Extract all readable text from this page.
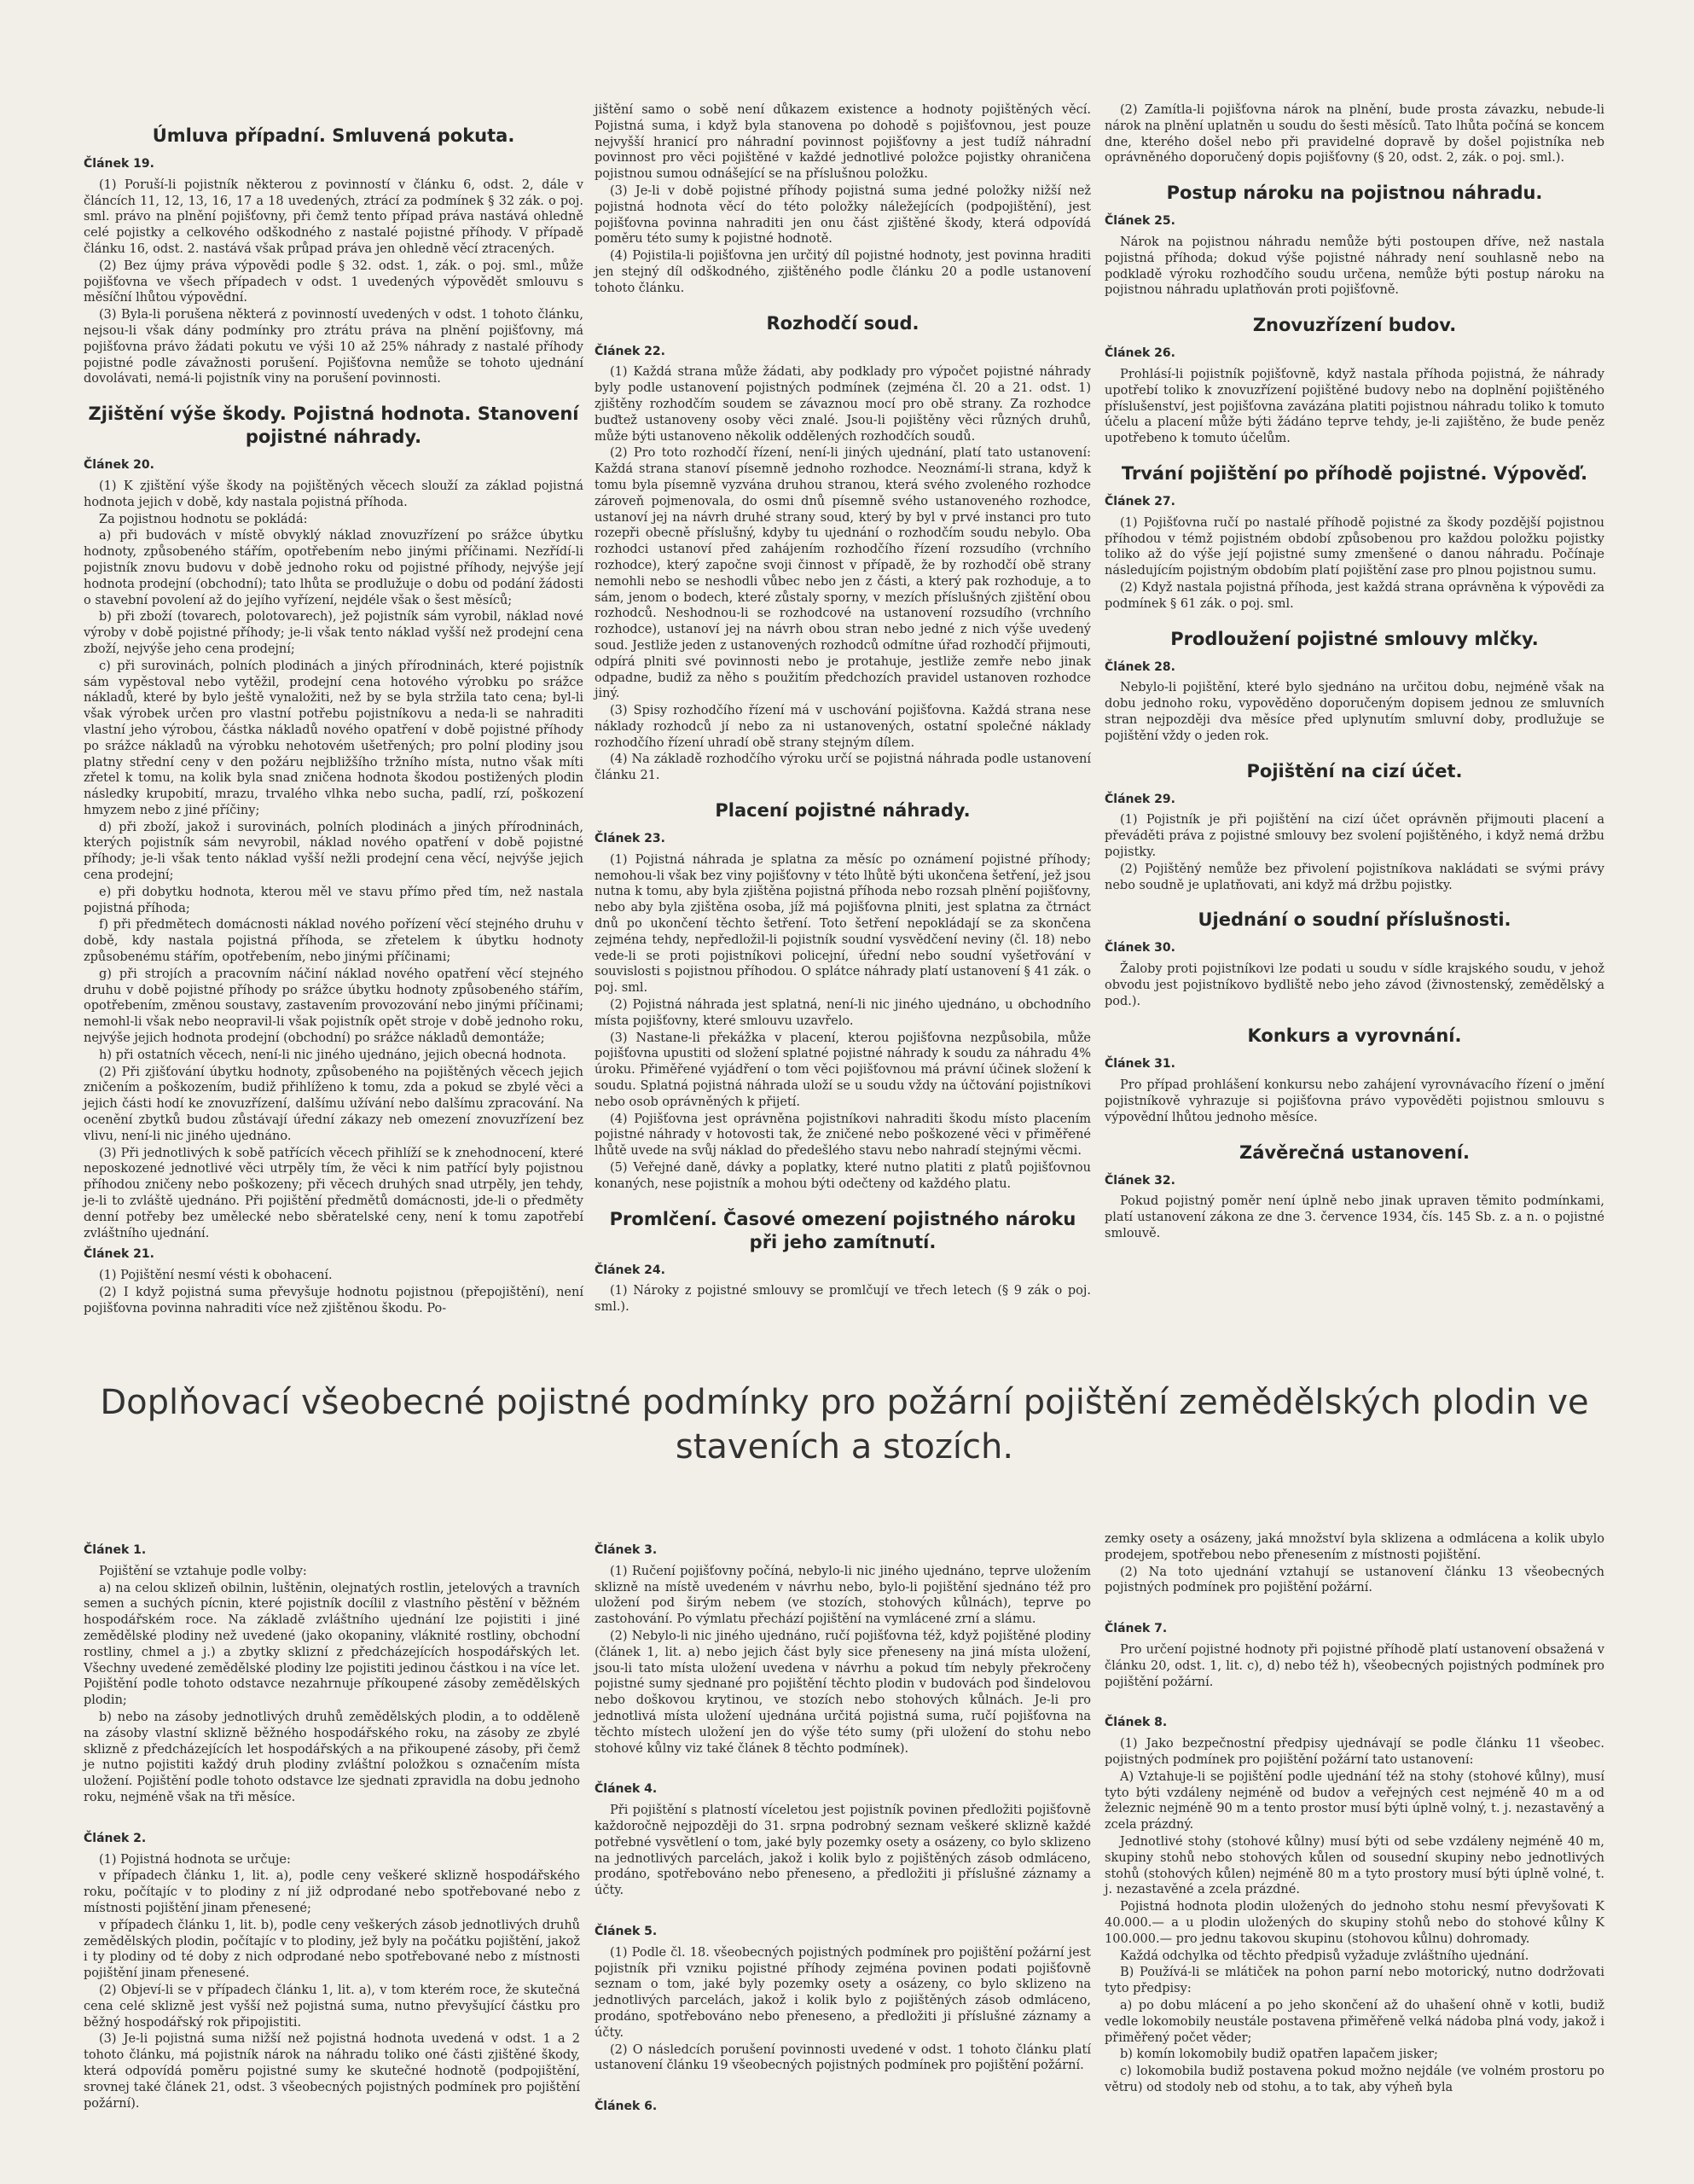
Úmluva případní. Smluvená pokuta.

Článek 19.

(1) Poruší-li pojistník některou z povinností v článku 6, odst. 2, dále v článcích 11, 12, 13, 16, 17 a 18 uvedených, ztrácí za podmínek § 32 zák. o poj. sml. právo na plnění pojišťovny, při čemž tento případ práva nastává ohledně celé pojistky a celkového odškodného z nastalé pojistné příhody. V případě článku 16, odst. 2. nastává však průpad práva jen ohledně věcí ztracených.

(2) Bez újmy práva výpovědi podle § 32. odst. 1, zák. o poj. sml., může pojišťovna ve všech případech v odst. 1 uvedených výpovědět smlouvu s měsíční lhůtou výpovědní.

(3) Byla-li porušena některá z povinností uvedených v odst. 1 tohoto článku, nejsou-li však dány podmínky pro ztrátu práva na plnění pojišťovny, má pojišťovna právo žádati pokutu ve výši 10 až 25% náhrady z nastalé příhody pojistné podle závažnosti porušení. Pojišťovna nemůže se tohoto ujednání dovolávati, nemá-li pojistník viny na porušení povinnosti.

Zjištění výše škody. Pojistná hodnota. Stanovení pojistné náhrady.

Článek 20.

(1) K zjištění výše škody na pojištěných věcech slouží za základ pojistná hodnota jejich v době, kdy nastala pojistná příhoda.

Za pojistnou hodnotu se pokládá:

a) při budovách v místě obvyklý náklad znovuzřízení po srážce úbytku hodnoty, způsobeného stářím, opotřebením nebo jinými příčinami. Nezřídí-li pojistník znovu budovu v době jednoho roku od pojistné příhody, nejvýše její hodnota prodejní (obchodní); tato lhůta se prodlužuje o dobu od podání žádosti o stavební povolení až do jejího vyřízení, nejdéle však o šest měsíců;

b) při zboží (tovarech, polotovarech), jež pojistník sám vyrobil, náklad nové výroby v době pojistné příhody; je-li však tento náklad vyšší než prodejní cena zboží, nejvýše jeho cena prodejní;

c) při surovinách, polních plodinách a jiných přírodninách, které pojistník sám vypěstoval nebo vytěžil, prodejní cena hotového výrobku po srážce nákladů, které by bylo ještě vynaložiti, než by se byla stržila tato cena; byl-li však výrobek určen pro vlastní potřebu pojistníkovu a neda-li se nahraditi vlastní jeho výrobou, částka nákladů nového opatření v době pojistné příhody po srážce nákladů na výrobku nehotovém ušetřených; pro polní plodiny jsou platny střední ceny v den požáru nejbližšího tržního místa, nutno však míti zřetel k tomu, na kolik byla snad zničena hodnota škodou postižených plodin následky krupobití, mrazu, trvalého vlhka nebo sucha, padlí, rzí, poškození hmyzem nebo z jiné příčiny;

d) při zboží, jakož i surovinách, polních plodinách a jiných přírodninách, kterých pojistník sám nevyrobil, náklad nového opatření v době pojistné příhody; je-li však tento náklad vyšší nežli prodejní cena věcí, nejvýše jejich cena prodejní;

e) při dobytku hodnota, kterou měl ve stavu přímo před tím, než nastala pojistná příhoda;

f) při předmětech domácnosti náklad nového pořízení věcí stejného druhu v době, kdy nastala pojistná příhoda, se zřetelem k úbytku hodnoty způsobenému stářím, opotřebením, nebo jinými příčinami;

g) při strojích a pracovním náčiní náklad nového opatření věcí stejného druhu v době pojistné příhody po srážce úbytku hodnoty způsobeného stářím, opotřebením, změnou soustavy, zastavením provozování nebo jinými příčinami; nemohl-li však nebo neopravil-li však pojistník opět stroje v době jednoho roku, nejvýše jejich hodnota prodejní (obchodní) po srážce nákladů demontáže;

h) při ostatních věcech, není-li nic jiného ujednáno, jejich obecná hodnota.

(2) Při zjišťování úbytku hodnoty, způsobeného na pojištěných věcech jejich zničením a poškozením, budiž přihlíženo k tomu, zda a pokud se zbylé věci a jejich části hodí ke znovuzřízení, dalšímu užívání nebo dalšímu zpracování. Na ocenění zbytků budou zůstávají úřední zákazy neb omezení znovuzřízení bez vlivu, není-li nic jiného ujednáno.

(3) Při jednotlivých k sobě patřících věcech přihlíží se k znehodnocení, které neposkozené jednotlivé věci utrpěly tím, že věci k nim patřící byly pojistnou příhodou zničeny nebo poškozeny; při věcech druhých snad utrpěly, jen tehdy, je-li to zvláště ujednáno. Při pojištění předmětů domácnosti, jde-li o předměty denní potřeby bez umělecké nebo sběratelské ceny, není k tomu zapotřebí zvláštního ujednání.

Článek 21.

(1) Pojištění nesmí vésti k obohacení.

(2) I když pojistná suma převyšuje hodnotu pojistnou (přepojištění), není pojišťovna povinna nahraditi více než zjištěnou škodu. Po-

jištění samo o sobě není důkazem existence a hodnoty pojištěných věcí. Pojistná suma, i když byla stanovena po dohodě s pojišťovnou, jest pouze nejvyšší hranicí pro náhradní povinnost pojišťovny a jest tudíž náhradní povinnost pro věci pojištěné v každé jednotlivé položce pojistky ohraničena pojistnou sumou odnášející se na příslušnou položku.

(3) Je-li v době pojistné příhody pojistná suma jedné položky nižší než pojistná hodnota věcí do této položky náležejících (podpojištění), jest pojišťovna povinna nahraditi jen onu část zjištěné škody, která odpovídá poměru této sumy k pojistné hodnotě.

(4) Pojistila-li pojišťovna jen určitý díl pojistné hodnoty, jest povinna hraditi jen stejný díl odškodného, zjištěného podle článku 20 a podle ustanovení tohoto článku.

Rozhodčí soud.

Článek 22.

(1) Každá strana může žádati, aby podklady pro výpočet pojistné náhrady byly podle ustanovení pojistných podmínek (zejména čl. 20 a 21. odst. 1) zjištěny rozhodčím soudem se závaznou mocí pro obě strany. Za rozhodce buďtež ustanoveny osoby věci znalé. Jsou-li pojištěny věci různých druhů, může býti ustanoveno několik oddělených rozhodčích soudů.

(2) Pro toto rozhodčí řízení, není-li jiných ujednání, platí tato ustanovení: Každá strana stanoví písemně jednoho rozhodce. Neoznámí-li strana, když k tomu byla písemně vyzvána druhou stranou, která svého zvoleného rozhodce zároveň pojmenovala, do osmi dnů písemně svého ustanoveného rozhodce, ustanoví jej na návrh druhé strany soud, který by byl v prvé instanci pro tuto rozepři obecně příslušný, kdyby tu ujednání o rozhodčím soudu nebylo. Oba rozhodci ustanoví před zahájením rozhodčího řízení rozsudího (vrchního rozhodce), který započne svoji činnost v případě, že by rozhodčí obě strany nemohli nebo se neshodli vůbec nebo jen z části, a který pak rozhoduje, a to sám, jenom o bodech, které zůstaly sporny, v mezích příslušných zjištění obou rozhodců. Neshodnou-li se rozhodcové na ustanovení rozsudího (vrchního rozhodce), ustanoví jej na návrh obou stran nebo jedné z nich výše uvedený soud. Jestliže jeden z ustanovených rozhodců odmítne úřad rozhodčí přijmouti, odpírá plniti své povinnosti nebo je protahuje, jestliže zemře nebo jinak odpadne, budiž za něho s použitím předchozích pravidel ustanoven rozhodce jiný.

(3) Spisy rozhodčího řízení má v uschování pojišťovna. Každá strana nese náklady rozhodců jí nebo za ni ustanovených, ostatní společné náklady rozhodčího řízení uhradí obě strany stejným dílem.

(4) Na základě rozhodčího výroku určí se pojistná náhrada podle ustanovení článku 21.

Placení pojistné náhrady.

Článek 23.

(1) Pojistná náhrada je splatna za měsíc po oznámení pojistné příhody; nemohou-li však bez viny pojišťovny v této lhůtě býti ukončena šetření, jež jsou nutna k tomu, aby byla zjištěna pojistná příhoda nebo rozsah plnění pojišťovny, nebo aby byla zjištěna osoba, jíž má pojišťovna plniti, jest splatna za čtrnáct dnů po ukončení těchto šetření. Toto šetření nepokládají se za skončena zejména tehdy, nepředložil-li pojistník soudní vysvědčení neviny (čl. 18) nebo vede-li se proti pojistníkovi policejní, úřední nebo soudní vyšetřování v souvislosti s pojistnou příhodou. O splátce náhrady platí ustanovení § 41 zák. o poj. sml.

(2) Pojistná náhrada jest splatná, není-li nic jiného ujednáno, u obchodního místa pojišťovny, které smlouvu uzavřelo.

(3) Nastane-li překážka v placení, kterou pojišťovna nezpůsobila, může pojišťovna upustiti od složení splatné pojistné náhrady k soudu za náhradu 4% úroku. Přiměřené vyjádření o tom věci pojišťovnou má právní účinek složení k soudu. Splatná pojistná náhrada uloží se u soudu vždy na účtování pojistníkovi nebo osob oprávněných k přijetí.

(4) Pojišťovna jest oprávněna pojistníkovi nahraditi škodu místo placením pojistné náhrady v hotovosti tak, že zničené nebo poškozené věci v přiměřené lhůtě uvede na svůj náklad do předešlého stavu nebo nahradí stejnými věcmi.

(5) Veřejné daně, dávky a poplatky, které nutno platiti z platů pojišťovnou konaných, nese pojistník a mohou býti odečteny od každého platu.

Promlčení. Časové omezení pojistného nároku při jeho zamítnutí.

Článek 24.

(1) Nároky z pojistné smlouvy se promlčují ve třech letech (§ 9 zák o poj. sml.).

(2) Zamítla-li pojišťovna nárok na plnění, bude prosta závazku, nebude-li nárok na plnění uplatněn u soudu do šesti měsíců. Tato lhůta počíná se koncem dne, kterého došel nebo při pravidelné dopravě by došel pojistníka neb oprávněného doporučený dopis pojišťovny (§ 20, odst. 2, zák. o poj. sml.).

Postup nároku na pojistnou náhradu.

Článek 25.

Nárok na pojistnou náhradu nemůže býti postoupen dříve, než nastala pojistná příhoda; dokud výše pojistné náhrady není souhlasně nebo na podkladě výroku rozhodčího soudu určena, nemůže býti postup nároku na pojistnou náhradu uplatňován proti pojišťovně.

Znovuzřízení budov.

Článek 26.

Prohlásí-li pojistník pojišťovně, když nastala příhoda pojistná, že náhrady upotřebí toliko k znovuzřízení pojištěné budovy nebo na doplnění pojištěného příslušenství, jest pojišťovna zavázána platiti pojistnou náhradu toliko k tomuto účelu a placení může býti žádáno teprve tehdy, je-li zajištěno, že bude peněz upotřebeno k tomuto účelům.

Trvání pojištění po příhodě pojistné. Výpověď.

Článek 27.

(1) Pojišťovna ručí po nastalé příhodě pojistné za škody pozdější pojistnou příhodou v témž pojistném období způsobenou pro každou položku pojistky toliko až do výše její pojistné sumy zmenšené o danou náhradu. Počínaje následujícím pojistným obdobím platí pojištění zase pro plnou pojistnou sumu.

(2) Když nastala pojistná příhoda, jest každá strana oprávněna k výpovědi za podmínek § 61 zák. o poj. sml.

Prodloužení pojistné smlouvy mlčky.

Článek 28.

Nebylo-li pojištění, které bylo sjednáno na určitou dobu, nejméně však na dobu jednoho roku, vypověděno doporučeným dopisem jednou ze smluvních stran nejpozději dva měsíce před uplynutím smluvní doby, prodlužuje se pojištění vždy o jeden rok.

Pojištění na cizí účet.

Článek 29.

(1) Pojistník je při pojištění na cizí účet oprávněn přijmouti placení a převáděti práva z pojistné smlouvy bez svolení pojištěného, i když nemá držbu pojistky.

(2) Pojištěný nemůže bez přivolení pojistníkova nakládati se svými právy nebo soudně je uplatňovati, ani když má držbu pojistky.

Ujednání o soudní příslušnosti.

Článek 30.

Žaloby proti pojistníkovi lze podati u soudu v sídle krajského soudu, v jehož obvodu jest pojistníkovo bydliště nebo jeho závod (živnostenský, zemědělský a pod.).

Konkurs a vyrovnání.

Článek 31.

Pro případ prohlášení konkursu nebo zahájení vyrovnávacího řízení o jmění pojistníkově vyhrazuje si pojišťovna právo vypověděti pojistnou smlouvu s výpovědní lhůtou jednoho měsíce.

Závěrečná ustanovení.

Článek 32.

Pokud pojistný poměr není úplně nebo jinak upraven těmito podmínkami, platí ustanovení zákona ze dne 3. července 1934, čís. 145 Sb. z. a n. o pojistné smlouvě.

Doplňovací všeobecné pojistné podmínky pro požární pojištění zemědělských plodin ve stavеních a stozích.

Článek 1.

Pojištění se vztahuje podle volby:

a) na celou sklizeň obilnin, luštěnin, olejnatých rostlin, jetelových a travních semen a suchých pícnin, které pojistník docílil z vlastního pěstění v běžném hospodářském roce. Na základě zvláštního ujednání lze pojistiti i jiné zemědělské plodiny než uvedené (jako okopaniny, vláknité rostliny, obchodní rostliny, chmel a j.) a zbytky sklizní z předcházejících hospodářských let. Všechny uvedené zemědělské plodiny lze pojistiti jedinou částkou i na více let. Pojištění podle tohoto odstavce nezahrnuje příkoupené zásoby zemědělských plodin;

b) nebo na zásoby jednotlivých druhů zemědělských plodin, a to odděleně na zásoby vlastní sklizně běžného hospodářského roku, na zásoby ze zbylé sklizně z předcházejících let hospodářských a na přikoupené zásoby, při čemž je nutno pojistiti každý druh plodiny zvláštní položkou s označením místa uložení. Pojištění podle tohoto odstavce lze sjednati zpravidla na dobu jednoho roku, nejméně však na tři měsíce.

Článek 2.

(1) Pojistná hodnota se určuje:

v případech článku 1, lit. a), podle ceny veškeré sklizně hospodářského roku, počítajíc v to plodiny z ní již odprodané nebo spotřebované nebo z místnosti pojištění jinam přenesené;

v případech článku 1, lit. b), podle ceny veškerých zásob jednotlivých druhů zemědělských plodin, počítajíc v to plodiny, jež byly na počátku pojištění, jakož i ty plodiny od té doby z nich odprodané nebo spotřebované nebo z místnosti pojištění jinam přenesené.

(2) Objeví-li se v případech článku 1, lit. a), v tom kterém roce, že skutečná cena celé sklizně jest vyšší než pojistná suma, nutno převyšující částku pro běžný hospodářský rok připojistiti.

(3) Je-li pojistná suma nižší než pojistná hodnota uvedená v odst. 1 a 2 tohoto článku, má pojistník nárok na náhradu toliko oné části zjištěné škody, která odpovídá poměru pojistné sumy ke skutečné hodnotě (podpojištění, srovnej také článek 21, odst. 3 všeobecných pojistných podmínek pro pojištění požární).

Článek 3.

(1) Ručení pojišťovny počíná, nebylo-li nic jiného ujednáno, teprve uložením sklizně na místě uvedeném v návrhu nebo, bylo-li pojištění sjednáno též pro uložení pod širým nebem (ve stozích, stohových kůlnách), teprve po zastohování. Po výmlatu přechází pojištění na vymlácené zrní a slámu.

(2) Nebylo-li nic jiného ujednáno, ručí pojišťovna též, když pojištěné plodiny (článek 1, lit. a) nebo jejich část byly sice přeneseny na jiná místa uložení, jsou-li tato místa uložení uvedena v návrhu a pokud tím nebyly překročeny pojistné sumy sjednané pro pojištění těchto plodin v budovách pod šindelovou nebo doškovou krytinou, ve stozích nebo stohových kůlnách. Je-li pro jednotlivá místa uložení ujednána určitá pojistná suma, ručí pojišťovna na těchto místech uložení jen do výše této sumy (při uložení do stohu nebo stohové kůlny viz také článek 8 těchto podmínek).

Článek 4.

Při pojištění s platností víceletou jest pojistník povinen předložiti pojišťovně každoročně nejpozději do 31. srpna podrobný seznam veškeré sklizně každé potřebné vysvětlení o tom, jaké byly pozemky osety a osázeny, co bylo sklizeno na jednotlivých parcelách, jakož i kolik bylo z pojištěných zásob odmláceno, prodáno, spotřebováno nebo přeneseno, a předložiti ji příslušné záznamy a účty.

Článek 5.

(1) Podle čl. 18. všeobecných pojistných podmínek pro pojištění požární jest pojistník při vzniku pojistné příhody zejména povinen podati pojišťovně seznam o tom, jaké byly pozemky osety a osázeny, co bylo sklizeno na jednotlivých parcelách, jakož i kolik bylo z pojištěných zásob odmláceno, prodáno, spotřebováno nebo přeneseno, a předložiti ji příslušné záznamy a účty.

(2) O následcích porušení povinnosti uvedené v odst. 1 tohoto článku platí ustanovení článku 19 všeobecných pojistných podmínek pro pojištění požární.

Článek 6.

zemky osety a osázeny, jaká množství byla sklizena a odmlácena a kolik ubylo prodejem, spotřebou nebo přenesením z místnosti pojištění.

(2) Na toto ujednání vztahují se ustanovení článku 13 všeobecných pojistných podmínek pro pojištění požární.

Článek 7.

Pro určení pojistné hodnoty při pojistné příhodě platí ustanovení obsažená v článku 20, odst. 1, lit. c), d) nebo též h), všeobecných pojistných podmínek pro pojištění požární.

Článek 8.

(1) Jako bezpečnostní předpisy ujednávají se podle článku 11 všeobec. pojistných podmínek pro pojištění požární tato ustanovení:

A) Vztahuje-li se pojištění podle ujednání též na stohy (stohové kůlny), musí tyto býti vzdáleny nejméně od budov a veřejných cest nejméně 40 m a od železnic nejméně 90 m a tento prostor musí býti úplně volný, t. j. nezastavěný a zcela prázdný.

Jednotlivé stohy (stohové kůlny) musí býti od sebe vzdáleny nejméně 40 m, skupiny stohů nebo stohových kůlen od sousední skupiny nebo jednotlivých stohů (stohových kůlen) nejméně 80 m a tyto prostory musí býti úplně volné, t. j. nezastavěné a zcela prázdné.

Pojistná hodnota plodin uložených do jednoho stohu nesmí převyšovati K 40.000.— a u plodin uložených do skupiny stohů nebo do stohové kůlny K 100.000.— pro jednu takovou skupinu (stohovou kůlnu) dohromady.

Každá odchylka od těchto předpisů vyžaduje zvláštního ujednání.

B) Používá-li se mlátiček na pohon parní nebo motorický, nutno dodržovati tyto předpisy:

a) po dobu mlácení a po jeho skončení až do uhašení ohně v kotli, budiž vedle lokomobily neustále postavena přiměřeně velká nádoba plná vody, jakož i přiměřený počet věder;

b) komín lokomobily budiž opatřen lapačem jisker;

c) lokomobila budiž postavena pokud možno nejdále (ve volném prostoru po větru) od stodoly neb od stohu, a to tak, aby výheň byla
